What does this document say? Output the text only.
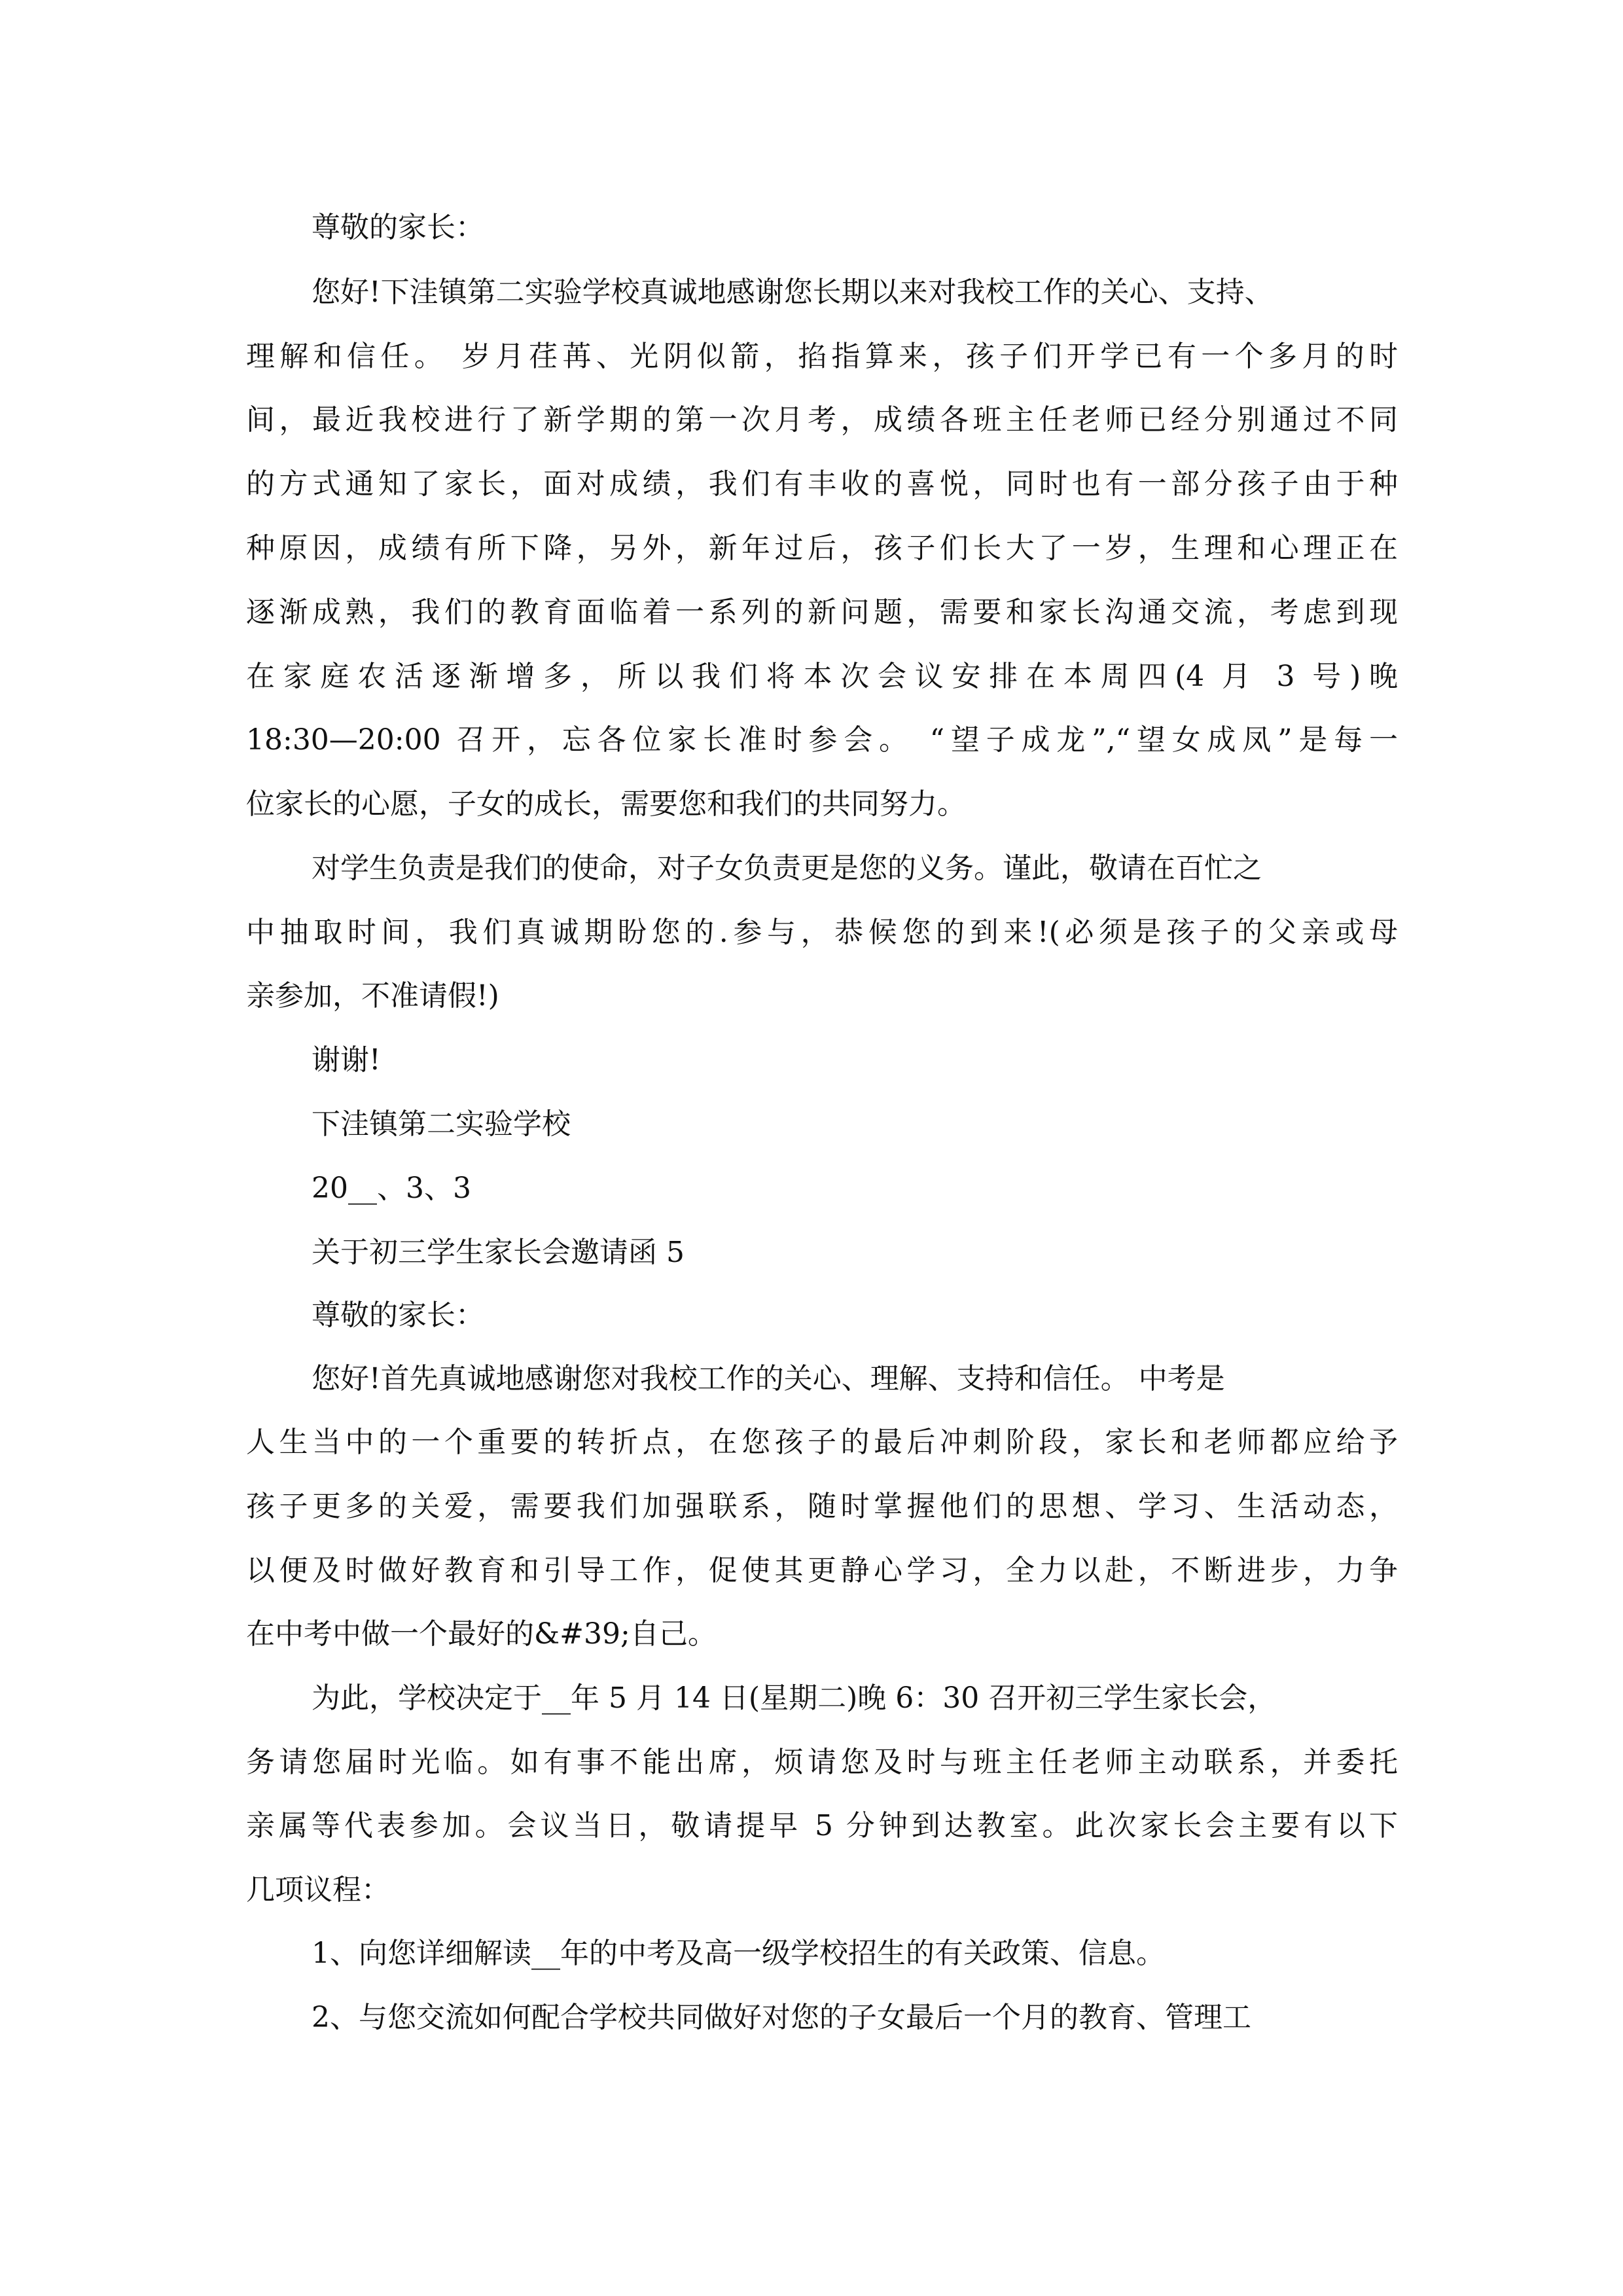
尊敬的家长：
您好!下洼镇第二实验学校真诚地感谢您长期以来对我校工作的关心、支持、
理解和信任。 岁月荏苒、光阴似箭，掐指算来，孩子们开学已有一个多月的时
间，最近我校进行了新学期的第一次月考，成绩各班主任老师已经分别通过不同
的方式通知了家长，面对成绩，我们有丰收的喜悦，同时也有一部分孩子由于种
种原因，成绩有所下降，另外，新年过后，孩子们长大了一岁，生理和心理正在
逐渐成熟，我们的教育面临着一系列的新问题，需要和家长沟通交流，考虑到现
在家庭农活逐渐增多，所以我们将本次会议安排在本周四(4 月 3 号)晚
18:30—20:00 召开，忘各位家长准时参会。 “望子成龙”,“望女成凤”是每一
位家长的心愿，子女的成长，需要您和我们的共同努力。
对学生负责是我们的使命，对子女负责更是您的义务。谨此，敬请在百忙之
中抽取时间，我们真诚期盼您的.参与，恭候您的到来!(必须是孩子的父亲或母
亲参加，不准请假!)
谢谢!
下洼镇第二实验学校
20__、3、3
关于初三学生家长会邀请函 5
尊敬的家长：
您好!首先真诚地感谢您对我校工作的关心、理解、支持和信任。 中考是
人生当中的一个重要的转折点，在您孩子的最后冲刺阶段，家长和老师都应给予
孩子更多的关爱，需要我们加强联系，随时掌握他们的思想、学习、生活动态，
以便及时做好教育和引导工作，促使其更静心学习，全力以赴，不断进步，力争
在中考中做一个最好的&#39;自己。
为此，学校决定于__年 5 月 14 日(星期二)晚 6：30 召开初三学生家长会，
务请您届时光临。如有事不能出席，烦请您及时与班主任老师主动联系，并委托
亲属等代表参加。会议当日，敬请提早 5 分钟到达教室。此次家长会主要有以下
几项议程：
1、向您详细解读__年的中考及高一级学校招生的有关政策、信息。
2、与您交流如何配合学校共同做好对您的子女最后一个月的教育、管理工
